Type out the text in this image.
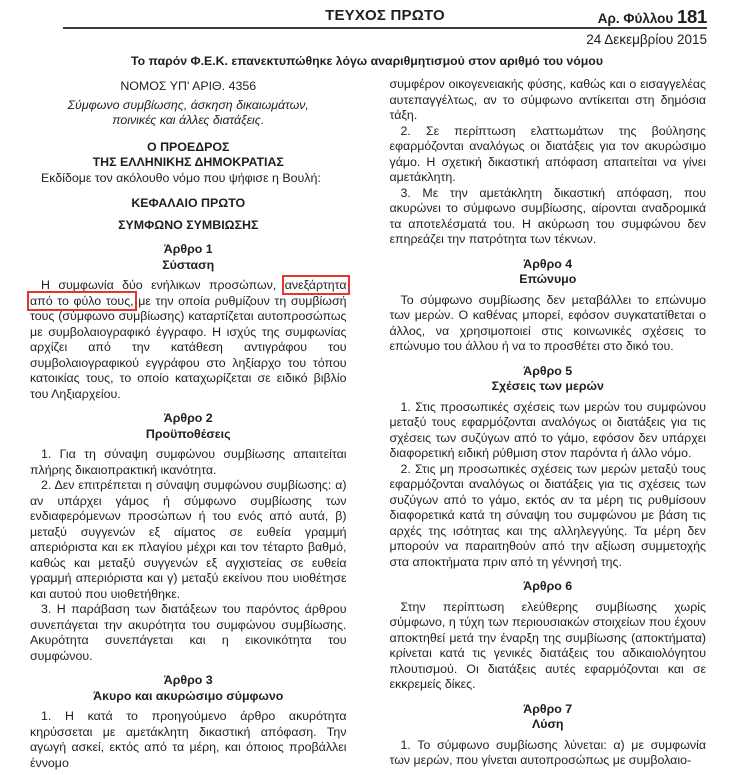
ΤΕΥΧΟΣ ΠΡΩΤΟ	Αρ. Φύλλου 181
24 Δεκεμβρίου 2015
Το παρόν Φ.Ε.Κ. επανεκτυπώθηκε λόγω αναριθμητισμού στον αριθμό του νόμου
ΝΟΜΟΣ ΥΠ' ΑΡΙΘ. 4356
Σύμφωνο συμβίωσης, άσκηση δικαιωμάτων,
ποινικές και άλλες διατάξεις.
Ο ΠΡΟΕΔΡΟΣ
ΤΗΣ ΕΛΛΗΝΙΚΗΣ ΔΗΜΟΚΡΑΤΙΑΣ

Εκδίδομε τον ακόλουθο νόμο που ψήφισε η Βουλή:

ΚΕΦΑΛΑΙΟ ΠΡΩΤΟ
ΣΥΜΦΩΝΟ ΣΥΜΒΙΩΣΗΣ
Άρθρο 1
Σύσταση

Η συμφωνία δύο ενήλικων προσώπων, ανεξάρτητα από το φύλο τους, με την οποία ρυθμίζουν τη συμβίωσή τους (σύμφωνο συμβίωσης) καταρτίζεται αυτοπροσώπως με συμβολαιογραφικό έγγραφο. Η ισχύς της συμφωνίας αρχίζει από την κατάθεση αντιγράφου του συμβολαιογραφικού εγγράφου στο ληξίαρχο του τόπου κατοικίας τους, το οποίο καταχωρίζεται σε ειδικό βιβλίο του Ληξιαρχείου.

Άρθρο 2
Προϋποθέσεις

1. Για τη σύναψη συμφώνου συμβίωσης απαιτείται πλήρης δικαιοπρακτική ικανότητα.

2. Δεν επιτρέπεται η σύναψη συμφώνου συμβίωσης: α) αν υπάρχει γάμος ή σύμφωνο συμβίωσης των ενδιαφερόμενων προσώπων ή του ενός από αυτά, β) μεταξύ συγγενών εξ αίματος σε ευθεία γραμμή απεριόριστα και εκ πλαγίου μέχρι και τον τέταρτο βαθμό, καθώς και μεταξύ συγγενών εξ αγχιστείας σε ευθεία γραμμή απεριόριστα και γ) μεταξύ εκείνου που υιοθέτησε και αυτού που υιοθετήθηκε.

3. Η παράβαση των διατάξεων του παρόντος άρθρου συνεπάγεται την ακυρότητα του συμφώνου συμβίωσης. Ακυρότητα συνεπάγεται και η εικονικότητα του συμφώνου.

Άρθρο 3
Άκυρο και ακυρώσιμο σύμφωνο

1. Η κατά το προηγούμενο άρθρο ακυρότητα κηρύσσεται με αμετάκλητη δικαστική απόφαση. Την αγωγή ασκεί, εκτός από τα μέρη, και όποιος προβάλλει έννομο

συμφέρον οικογενειακής φύσης, καθώς και ο εισαγγελέας αυτεπαγγέλτως, αν το σύμφωνο αντίκειται στη δημόσια τάξη.

2. Σε περίπτωση ελαττωμάτων της βούλησης εφαρμόζονται αναλόγως οι διατάξεις για τον ακυρώσιμο γάμο. Η σχετική δικαστική απόφαση απαιτείται να γίνει αμετάκλητη.

3. Με την αμετάκλητη δικαστική απόφαση, που ακυρώνει το σύμφωνο συμβίωσης, αίρονται αναδρομικά τα αποτελέσματά του. Η ακύρωση του συμφώνου δεν επηρεάζει την πατρότητα των τέκνων.

Άρθρο 4
Επώνυμο

Το σύμφωνο συμβίωσης δεν μεταβάλλει το επώνυμο των μερών. Ο καθένας μπορεί, εφόσον συγκατατίθεται ο άλλος, να χρησιμοποιεί στις κοινωνικές σχέσεις το επώνυμο του άλλου ή να το προσθέτει στο δικό του.

Άρθρο 5
Σχέσεις των μερών

1. Στις προσωπικές σχέσεις των μερών του συμφώνου μεταξύ τους εφαρμόζονται αναλόγως οι διατάξεις για τις σχέσεις των συζύγων από το γάμο, εφόσον δεν υπάρχει διαφορετική ειδική ρύθμιση στον παρόντα ή άλλο νόμο.

2. Στις μη προσωπικές σχέσεις των μερών μεταξύ τους εφαρμόζονται αναλόγως οι διατάξεις για τις σχέσεις των συζύγων από το γάμο, εκτός αν τα μέρη τις ρυθμίσουν διαφορετικά κατά τη σύναψη του συμφώνου με βάση τις αρχές της ισότητας και της αλληλεγγύης. Τα μέρη δεν μπορούν να παραιτηθούν από την αξίωση συμμετοχής στα αποκτήματα πριν από τη γέννησή της.

Άρθρο 6

Στην περίπτωση ελεύθερης συμβίωσης χωρίς σύμφωνο, η τύχη των περιουσιακών στοιχείων που έχουν αποκτηθεί μετά την έναρξη της συμβίωσης (αποκτήματα) κρίνεται κατά τις γενικές διατάξεις του αδικαιολόγητου πλουτισμού. Οι διατάξεις αυτές εφαρμόζονται και σε εκκρεμείς δίκες.

Άρθρο 7
Λύση

1. Το σύμφωνο συμβίωσης λύνεται: α) με συμφωνία των μερών, που γίνεται αυτοπροσώπως με συμβολαιο-
